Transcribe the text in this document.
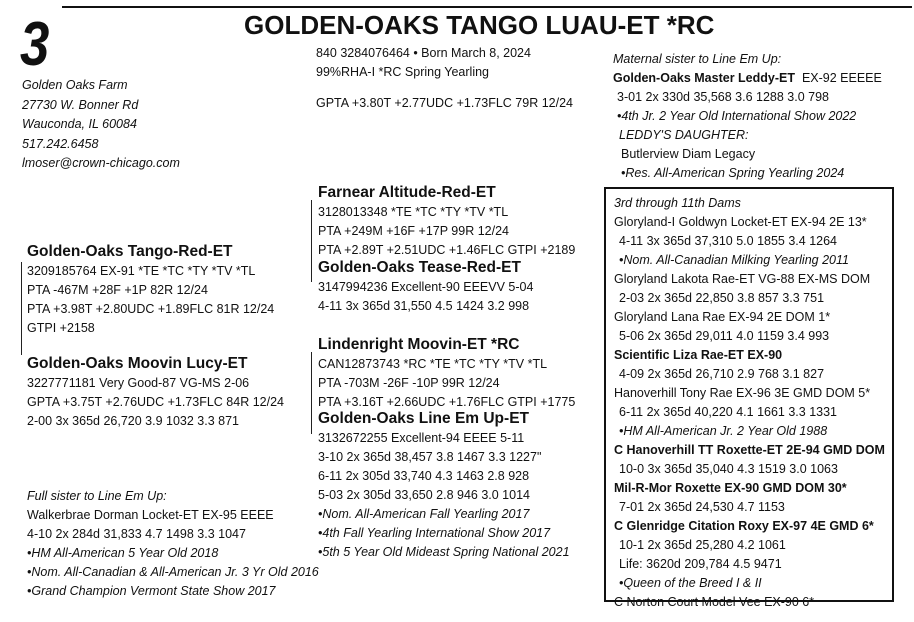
3	GOLDEN-OAKS TANGO LUAU-ET *RC
Golden Oaks Farm
27730 W. Bonner Rd
Wauconda, IL 60084
517.242.6458
lmoser@crown-chicago.com
840 3284076464 • Born March 8, 2024
99%RHA-I *RC Spring Yearling
GPTA +3.80T +2.77UDC +1.73FLC 79R 12/24
Golden-Oaks Tango-Red-ET
3209185764 EX-91 *TE *TC *TY *TV *TL
PTA -467M +28F +1P 82R 12/24
PTA +3.98T +2.80UDC +1.89FLC 81R 12/24
GTPI +2158
Golden-Oaks Moovin Lucy-ET
3227771181 Very Good-87 VG-MS 2-06
GPTA +3.75T +2.76UDC +1.73FLC 84R 12/24
2-00 3x 365d 26,720 3.9 1032 3.3 871
Farnear Altitude-Red-ET
3128013348 *TE *TC *TY *TV *TL
PTA +249M +16F +17P 99R 12/24
PTA +2.89T +2.51UDC +1.46FLC GTPI +2189
Golden-Oaks Tease-Red-ET
3147994236 Excellent-90 EEEVV 5-04
4-11 3x 365d 31,550 4.5 1424 3.2 998
Lindenright Moovin-ET *RC
CAN12873743 *RC *TE *TC *TY *TV *TL
PTA -703M -26F -10P 99R 12/24
PTA +3.16T +2.66UDC +1.76FLC GTPI +1775
Golden-Oaks Line Em Up-ET
3132672255 Excellent-94 EEEE 5-11
3-10 2x 365d 38,457 3.8 1467 3.3 1227"
6-11 2x 305d 33,740 4.3 1463 2.8 928
5-03 2x 305d 33,650 2.8 946 3.0 1014
•Nom. All-American Fall Yearling 2017
•4th Fall Yearling International Show 2017
•5th 5 Year Old Mideast Spring National 2021
Full sister to Line Em Up:
Walkerbrae Dorman Locket-ET EX-95 EEEE
4-10 2x 284d 31,833 4.7 1498 3.3 1047
•HM All-American 5 Year Old 2018
•Nom. All-Canadian & All-American Jr. 3 Yr Old 2016
•Grand Champion Vermont State Show 2017
Maternal sister to Line Em Up:
Golden-Oaks Master Leddy-ET EX-92 EEEEE
3-01 2x 330d 35,568 3.6 1288 3.0 798
•4th Jr. 2 Year Old International Show 2022
LEDDY'S DAUGHTER:
Butlerview Diam Legacy
•Res. All-American Spring Yearling 2024
3rd through 11th Dams
Gloryland-I Goldwyn Locket-ET EX-94 2E 13*
4-11 3x 365d 37,310 5.0 1855 3.4 1264
•Nom. All-Canadian Milking Yearling 2011
Gloryland Lakota Rae-ET VG-88 EX-MS DOM
2-03 2x 365d 22,850 3.8 857 3.3 751
Gloryland Lana Rae EX-94 2E DOM 1*
5-06 2x 365d 29,011 4.0 1159 3.4 993
Scientific Liza Rae-ET EX-90
4-09 2x 365d 26,710 2.9 768 3.1 827
Hanoverhill Tony Rae EX-96 3E GMD DOM 5*
6-11 2x 365d 40,220 4.1 1661 3.3 1331
•HM All-American Jr. 2 Year Old 1988
C Hanoverhill TT Roxette-ET 2E-94 GMD DOM
10-0 3x 365d 35,040 4.3 1519 3.0 1063
Mil-R-Mor Roxette EX-90 GMD DOM 30*
7-01 2x 365d 24,530 4.7 1153
C Glenridge Citation Roxy EX-97 4E GMD 6*
10-1 2x 365d 25,280 4.2 1061
Life: 3620d 209,784 4.5 9471
•Queen of the Breed I & II
C Norton Court Model Vee EX-90 6*
